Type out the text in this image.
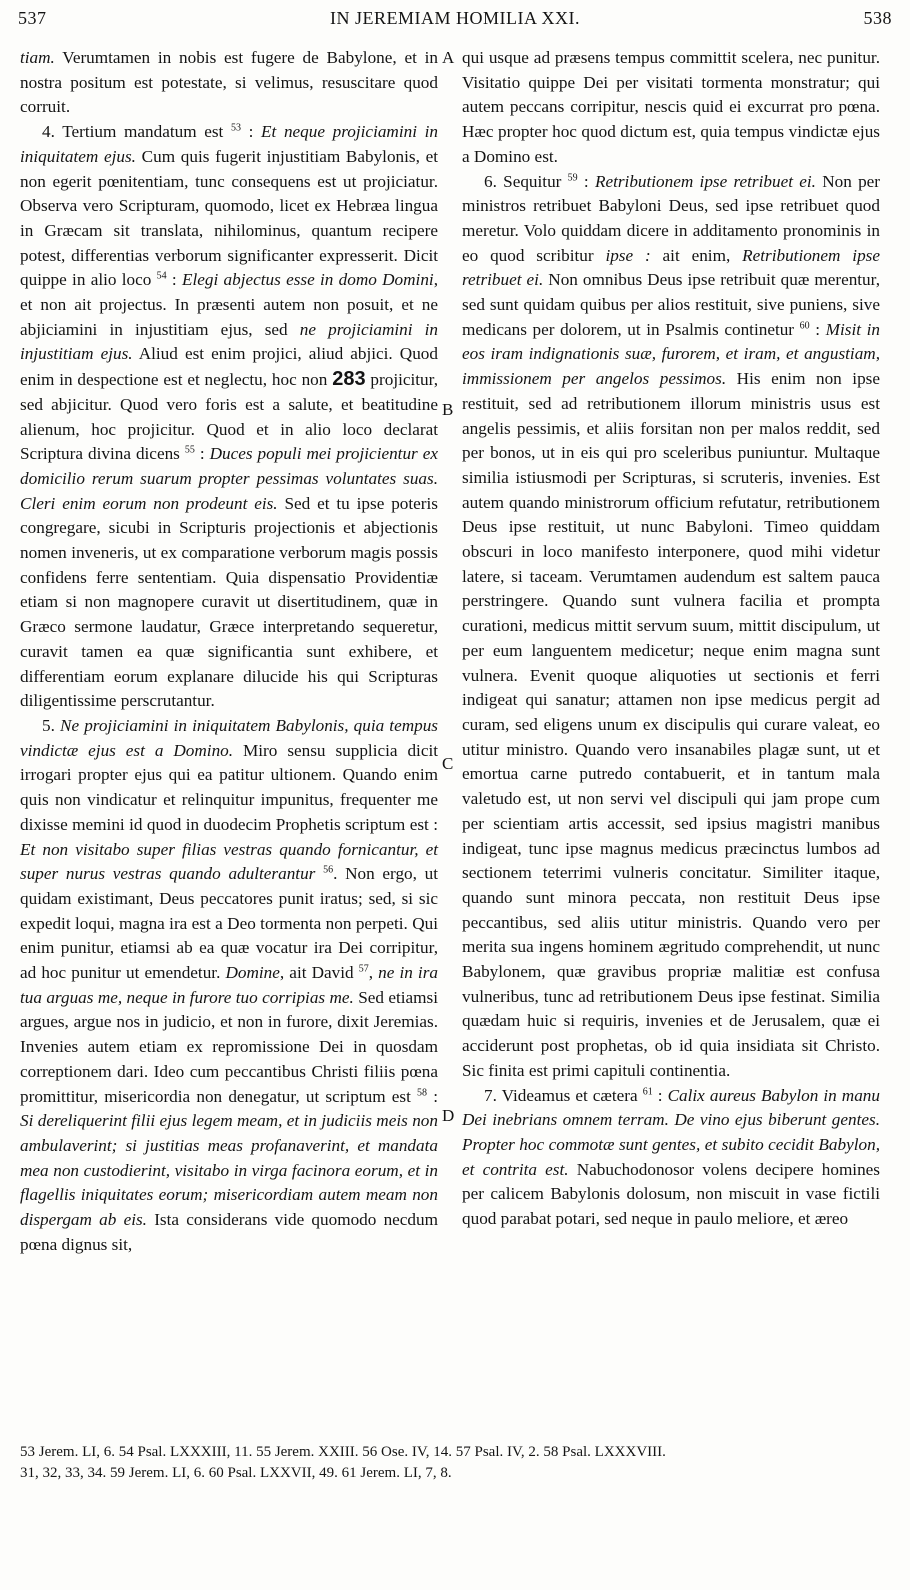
537	IN JEREMIAM HOMILIA XXI.	538

tiam. Verumtamen in nobis est fugere de Babylone, et in nostra positum est potestate, si velimus, resuscitare quod corruit.

4. Tertium mandatum est $^{53}$ : Et neque projiciamini in iniquitatem ejus. Cum quis fugerit injustitiam Babylonis, et non egerit pœnitentiam, tunc consequens est ut projiciatur. Observa vero Scripturam, quomodo, licet ex Hebræa lingua in Græcam sit translata, nihilominus, quantum recipere potest, differentias verborum significanter expresserit. Dicit quippe in alio loco $^{54}$ : Elegi abjectus esse in domo Domini, et non ait projectus. In præsenti autem non posuit, et ne abjiciamini in injustitiam ejus, sed ne projiciamini in injustitiam ejus. Aliud est enim projici, aliud abjici. Quod enim in despectione est et neglectu, hoc non 283 projicitur, sed abjicitur. Quod vero foris est a salute, et beatitudine alienum, hoc projicitur. Quod et in alio loco declarat Scriptura divina dicens $^{55}$ : Duces populi mei projicientur ex domicilio rerum suarum propter pessimas voluntates suas. Cleri enim eorum non prodeunt eis. Sed et tu ipse poteris congregare, sicubi in Scripturis projectionis et abjectionis nomen inveneris, ut ex comparatione verborum magis possis confidens ferre sententiam. Quia dispensatio Providentiæ etiam si non magnopere curavit ut disertitudinem, quæ in Græco sermone laudatur, Græce interpretando sequeretur, curavit tamen ea quæ significantia sunt exhibere, et differentiam eorum explanare dilucide his qui Scripturas diligentissime perscrutantur.

5. Ne projiciamini in iniquitatem Babylonis, quia tempus vindictæ ejus est a Domino. Miro sensu supplicia dicit irrogari propter ejus qui ea patitur ultionem. Quando enim quis non vindicatur et relinquitur impunitus, frequenter me dixisse memini id quod in duodecim Prophetis scriptum est : Et non visitabo super filias vestras quando fornicantur, et super nurus vestras quando adulterantur $^{56}$. Non ergo, ut quidam existimant, Deus peccatores punit iratus; sed, si sic expedit loqui, magna ira est a Deo tormenta non perpeti. Qui enim punitur, etiamsi ab ea quæ vocatur ira Dei corripitur, ad hoc punitur ut emendetur. Domine, ait David $^{57}$, ne in ira tua arguas me, neque in furore tuo corripias me. Sed etiamsi argues, argue nos in judicio, et non in furore, dixit Jeremias. Invenies autem etiam ex repromissione Dei in quosdam correptionem dari. Ideo cum peccantibus Christi filiis pœna promittitur, misericordia non denegatur, ut scriptum est $^{58}$ : Si dereliquerint filii ejus legem meam, et in judiciis meis non ambulaverint; si justitias meas profanaverint, et mandata mea non custodierint, visitabo in virga facinora eorum, et in flagellis iniquitates eorum; misericordiam autem meam non dispergam ab eis. Ista considerans vide quomodo necdum pœna dignus sit,

qui usque ad præsens tempus committit scelera, nec punitur. Visitatio quippe Dei per visitati tormenta monstratur; qui autem peccans corripitur, nescis quid ei excurrat pro pœna. Hæc propter hoc quod dictum est, quia tempus vindictæ ejus a Domino est.

6. Sequitur $^{59}$ : Retributionem ipse retribuet ei. Non per ministros retribuet Babyloni Deus, sed ipse retribuet quod meretur. Volo quiddam dicere in additamento pronominis in eo quod scribitur ipse : ait enim, Retributionem ipse retribuet ei. Non omnibus Deus ipse retribuit quæ merentur, sed sunt quidam quibus per alios restituit, sive puniens, sive medicans per dolorem, ut in Psalmis continetur $^{60}$ : Misit in eos iram indignationis suæ, furorem, et iram, et angustiam, immissionem per angelos pessimos. His enim non ipse restituit, sed ad retributionem illorum ministris usus est angelis pessimis, et aliis forsitan non per malos reddit, sed per bonos, ut in eis qui pro sceleribus puniuntur. Multaque similia istiusmodi per Scripturas, si scruteris, invenies. Est autem quando ministrorum officium refutatur, retributionem Deus ipse restituit, ut nunc Babyloni. Timeo quiddam obscuri in loco manifesto interponere, quod mihi videtur latere, si taceam. Verumtamen audendum est saltem pauca perstringere. Quando sunt vulnera facilia et prompta curationi, medicus mittit servum suum, mittit discipulum, ut per eum languentem medicetur; neque enim magna sunt vulnera. Evenit quoque aliquoties ut sectionis et ferri indigeat qui sanatur; attamen non ipse medicus pergit ad curam, sed eligens unum ex discipulis qui curare valeat, eo utitur ministro. Quando vero insanabiles plagæ sunt, ut et emortua carne putredo contabuerit, et in tantum mala valetudo est, ut non servi vel discipuli qui jam prope cum per scientiam artis accessit, sed ipsius magistri manibus indigeat, tunc ipse magnus medicus præcinctus lumbos ad sectionem teterrimi vulneris concitatur. Similiter itaque, quando sunt minora peccata, non restituit Deus ipse peccantibus, sed aliis utitur ministris. Quando vero per merita sua ingens hominem ægritudo comprehendit, ut nunc Babylonem, quæ gravibus propriæ malitiæ est confusa vulneribus, tunc ad retributionem Deus ipse festinat. Similia quædam huic si requiris, invenies et de Jerusalem, quæ ei acciderunt post prophetas, ob id quia insidiata sit Christo. Sic finita est primi capituli continentia.

7. Videamus et cætera $^{61}$ : Calix aureus Babylon in manu Dei inebrians omnem terram. De vino ejus biberunt gentes. Propter hoc commotæ sunt gentes, et subito cecidit Babylon, et contrita est. Nabuchodonosor volens decipere homines per calicem Babylonis dolosum, non miscuit in vase fictili quod parabat potari, sed neque in paulo meliore, et æreo

A
B
C
D
53 Jerem. LI, 6. 54 Psal. LXXXIII, 11. 55 Jerem. XXIII. 56 Ose. IV, 14. 57 Psal. IV, 2. 58 Psal. LXXXVIII.
31, 32, 33, 34. 59 Jerem. LI, 6. 60 Psal. LXXVII, 49. 61 Jerem. LI, 7, 8.
